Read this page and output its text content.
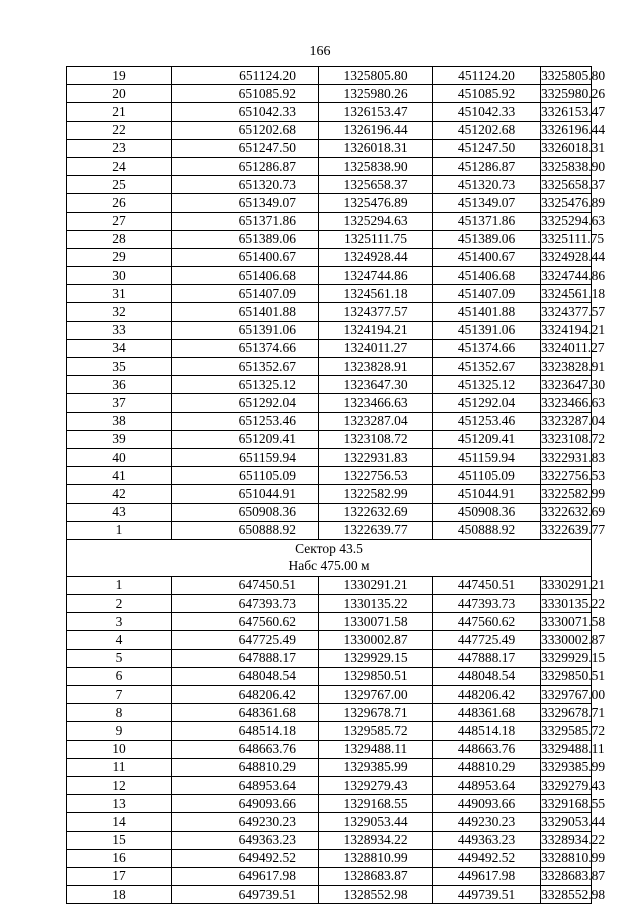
166
19	651124.20	1325805.80	451124.20	3325805.80
20	651085.92	1325980.26	451085.92	3325980.26
21	651042.33	1326153.47	451042.33	3326153.47
22	651202.68	1326196.44	451202.68	3326196.44
23	651247.50	1326018.31	451247.50	3326018.31
24	651286.87	1325838.90	451286.87	3325838.90
25	651320.73	1325658.37	451320.73	3325658.37
26	651349.07	1325476.89	451349.07	3325476.89
27	651371.86	1325294.63	451371.86	3325294.63
28	651389.06	1325111.75	451389.06	3325111.75
29	651400.67	1324928.44	451400.67	3324928.44
30	651406.68	1324744.86	451406.68	3324744.86
31	651407.09	1324561.18	451407.09	3324561.18
32	651401.88	1324377.57	451401.88	3324377.57
33	651391.06	1324194.21	451391.06	3324194.21
34	651374.66	1324011.27	451374.66	3324011.27
35	651352.67	1323828.91	451352.67	3323828.91
36	651325.12	1323647.30	451325.12	3323647.30
37	651292.04	1323466.63	451292.04	3323466.63
38	651253.46	1323287.04	451253.46	3323287.04
39	651209.41	1323108.72	451209.41	3323108.72
40	651159.94	1322931.83	451159.94	3322931.83
41	651105.09	1322756.53	451105.09	3322756.53
42	651044.91	1322582.99	451044.91	3322582.99
43	650908.36	1322632.69	450908.36	3322632.69
1	650888.92	1322639.77	450888.92	3322639.77

Сектор 43.5
Набс 475.00 м				

1	647450.51	1330291.21	447450.51	3330291.21
2	647393.73	1330135.22	447393.73	3330135.22
3	647560.62	1330071.58	447560.62	3330071.58
4	647725.49	1330002.87	447725.49	3330002.87
5	647888.17	1329929.15	447888.17	3329929.15
6	648048.54	1329850.51	448048.54	3329850.51
7	648206.42	1329767.00	448206.42	3329767.00
8	648361.68	1329678.71	448361.68	3329678.71
9	648514.18	1329585.72	448514.18	3329585.72
10	648663.76	1329488.11	448663.76	3329488.11
11	648810.29	1329385.99	448810.29	3329385.99
12	648953.64	1329279.43	448953.64	3329279.43
13	649093.66	1329168.55	449093.66	3329168.55
14	649230.23	1329053.44	449230.23	3329053.44
15	649363.23	1328934.22	449363.23	3328934.22
16	649492.52	1328810.99	449492.52	3328810.99
17	649617.98	1328683.87	449617.98	3328683.87
18	649739.51	1328552.98	449739.51	3328552.98
